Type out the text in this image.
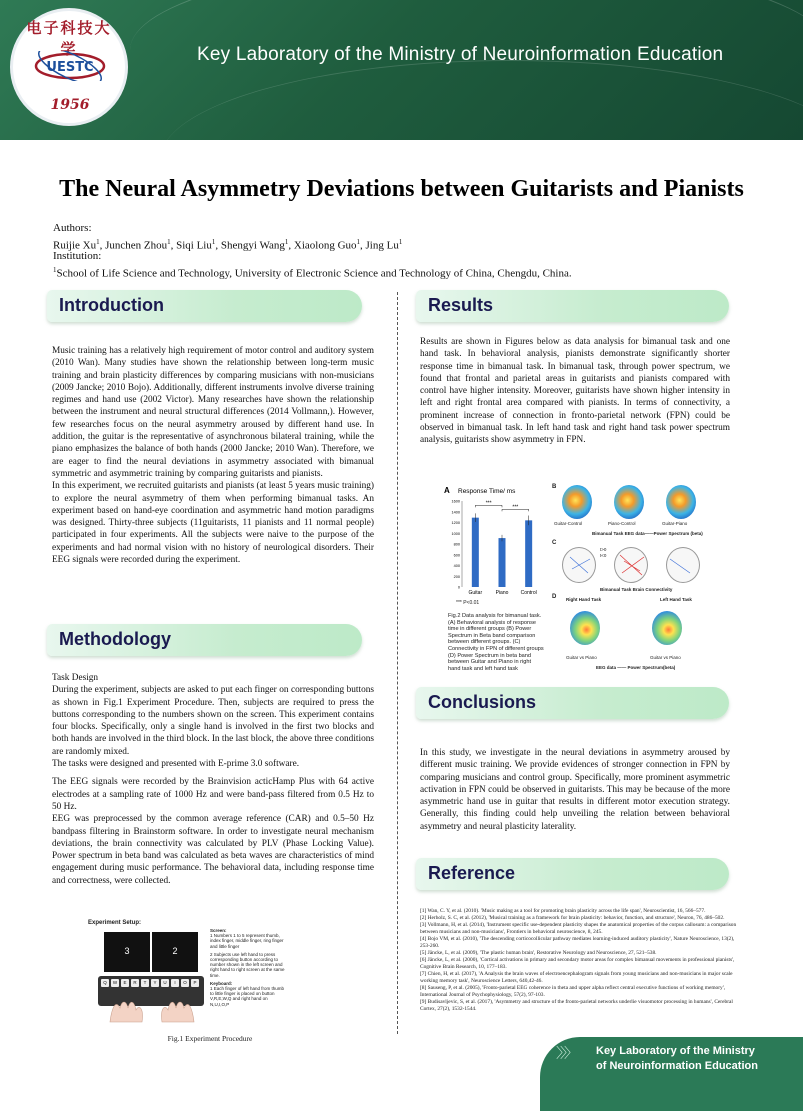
电子科技大学
UESTC
1956
Key Laboratory of the Ministry of Neuroinformation Education
The Neural Asymmetry Deviations between Guitarists and Pianists
Authors:
Ruijie Xu$^1$, Junchen Zhou$^1$, Siqi Liu$^1$, Shengyi Wang$^1$, Xiaolong Guo$^1$, Jing Lu$^1$
Institution:
$^1$School of Life Science and Technology, University of Electronic Science and Technology of China, Chengdu, China.
Introduction

Music training has a relatively high requirement of motor control and auditory system (2010 Wan). Many studies have shown the relationship between long-term music training and brain plasticity differences by comparing musicians with non-musicians (2009 Jancke; 2010 Bojo). Additionally, different instruments involve diverse training regimes and hand use (2002 Victor). Many researches have shown the relationship between the instrument and neural structural differences (2014 Vollmann,). However, few researches focus on the neural asymmetry aroused by different hand use. In addition, the guitar is the representative of asynchronous bilateral training, while the piano emphasizes the balance of both hands (2000 Jancke; 2010 Wan). Therefore, we are eager to find the neural deviations in asymmetry associated with bimanual symmetric and asymmetric training by comparing guitarists and pianists.

In this experiment, we recruited guitarists and pianists (at least 5 years music training) to explore the neural asymmetry of them when performing bimanual tasks. An experiment based on hand-eye coordination and asymmetric hand motion paradigms was designed. Thirty-three subjects (11guitarists, 11 pianists and 11 normal people) participated in four experiments. All the subjects were naive to the purpose of the experiments and had normal vision with no history of neurological disorders. Their EEG signals were recorded during the experiment.

Methodology

Task Design

During the experiment, subjects are asked to put each finger on corresponding buttons as shown in Fig.1 Experiment Procedure. Then, subjects are required to press the buttons corresponding to the numbers shown on the screen. This experiment contains four blocks. Specifically, only a single hand is involved in the first two blocks and both hands are involved in the third block. In the last block, the above three conditions are randomly mixed.

The tasks were designed and presented with E-prime 3.0 software.

The EEG signals were recorded by the Brainvision acticHamp Plus with 64 active electrodes at a sampling rate of 1000 Hz and were band-pass filtered from 0.5 Hz to 50 Hz.

EEG was preprocessed by the common average reference (CAR) and 0.5–50 Hz bandpass filtering in Brainstorm software. In order to investigate neural mechanism deviations, the brain connectivity was calculated by PLV (Phase Locking Value). Power spectrum in beta band was calculated as beta waves are characteristics of mind engagement during music performance. The behavioral data, including response time and correctness, were collected.

Experiment Setup:
3	2
Q	W	E	R	T	Y	U	I	O	P
Screen:
1 Numbers 1 to 5 represent thumb, index finger, middle finger, ring finger and little finger
2 Subjects use left hand to press corresponding button according to number shown in the left screen and right hand to right screen at the same time.
Keyboard:
1 Each finger of left hand from thumb to little finger is placed on button V,R,E,W,Q and right hand on N,U,I,O,P
Fig.1 Experiment Procedure
Results

Results are shown in Figures below as data analysis for bimanual task and one hand task. In behavioral analysis, pianists demonstrate significantly shorter response time in bimanual task. In bimanual task, through power spectrum, we found that frontal and parietal areas in guitarists and pianists compared with control have higher intensity. Moreover, guitarists have shown higher intensity in left and right frontal area compared with pianists. In terms of connectivity, a prominent increase of connection in fronto-parietal network (FPN) could be observed in bimanual task. In left hand task and right hand task power spectrum analysis, guitarists show asymmetry in FPN.

A Response Time/ ms
1600
1400
1200
1000
800
600
400
200
0
Guitar	Piano Control
***
***
*** P<0.01
Fig.2 Data analysis for bimanual task. (A) Behavioral analysis of response time in different groups (B) Power Spectrum in Beta band comparison between different groups. (C) Connectivity in FPN of different groups (D) Power Spectrum in beta band between Guitar and Piano in right hand task and left hand task
B
Guitar-Control	Piano-Control	Guitar-Piano
Bimanual Task EEG data——Power Spectrum (beta)
C
t>0
t<0
Bimanual Task Brain Connectivity
D Right Hand Task	Left Hand Task
Guitar vs Piano	Guitar vs Piano
EEG data —— Power Spectrum(beta)
Conclusions

In this study, we investigate in the neural deviations in asymmetry aroused by different music training. We provide evidences of stronger connection in FPN by comparing musicians and control group. Specifically, more prominent asymmetric activation in FPN could be observed in guitarists. This may be because of the more asymmetric hand use in guitar that results in different motor execution strategy. Generally, this finding could help unveiling the relation between behavioral asymmetry and neural plasticity laterality.

Reference
[1] Wan, C. Y, et al. (2010). 'Music making as a tool for promoting brain plasticity across the life span', Neuroscientist, 16, 566–577.
[2] Herholz, S. C, et al. (2012), 'Musical training as a framework for brain plasticity: behavior, function, and structure', Neuron, 76, 486–502.
[3] Vollmann, H, et al. (2014), 'Instrument specific use-dependent plasticity shapes the anatomical properties of the corpus callosum: a comparison between musicians and non-musicians', Frontiers in behavioral neuroscience, 8, 245.
[4] Bojo VM, et al. (2010), 'The descending corticocollicular pathway mediates learning-induced auditory plasticity', Nature Neuroscience, 13(2), 253-260.
[5] Jäncke, L, et al. (2009), 'The plastic human brain', Restorative Neurology and Neuroscience, 27, 521–538.
[6] Jäncke, L, et al. (2000), 'Cortical activations in primary and secondary motor areas for complex bimanual movements in professional pianists', Cognitive Brain Research, 10, 177–183.
[7] Chien, H, et al. (2017), 'A Analysis the brain waves of electroencephalogram signals from young musicians and non-musicians in major scale working memory task', Neuroscience Letters, 640,42-46.
[8] Sauseng, P, et al. (2005), 'Fronto-parietal EEG coherence in theta and upper alpha reflect central executive functions of working memory', International Journal of Psychophysiology, 57(2), 97-103.
[9] Budisavljevic, S, et al. (2017), 'Asymmetry and structure of the fronto-parietal networks underlie visuomotor processing in humans', Cerebral Cortex, 27(2), 1532-1544.
〉〉〉 Key Laboratory of the Ministry
of Neuroinformation Education
